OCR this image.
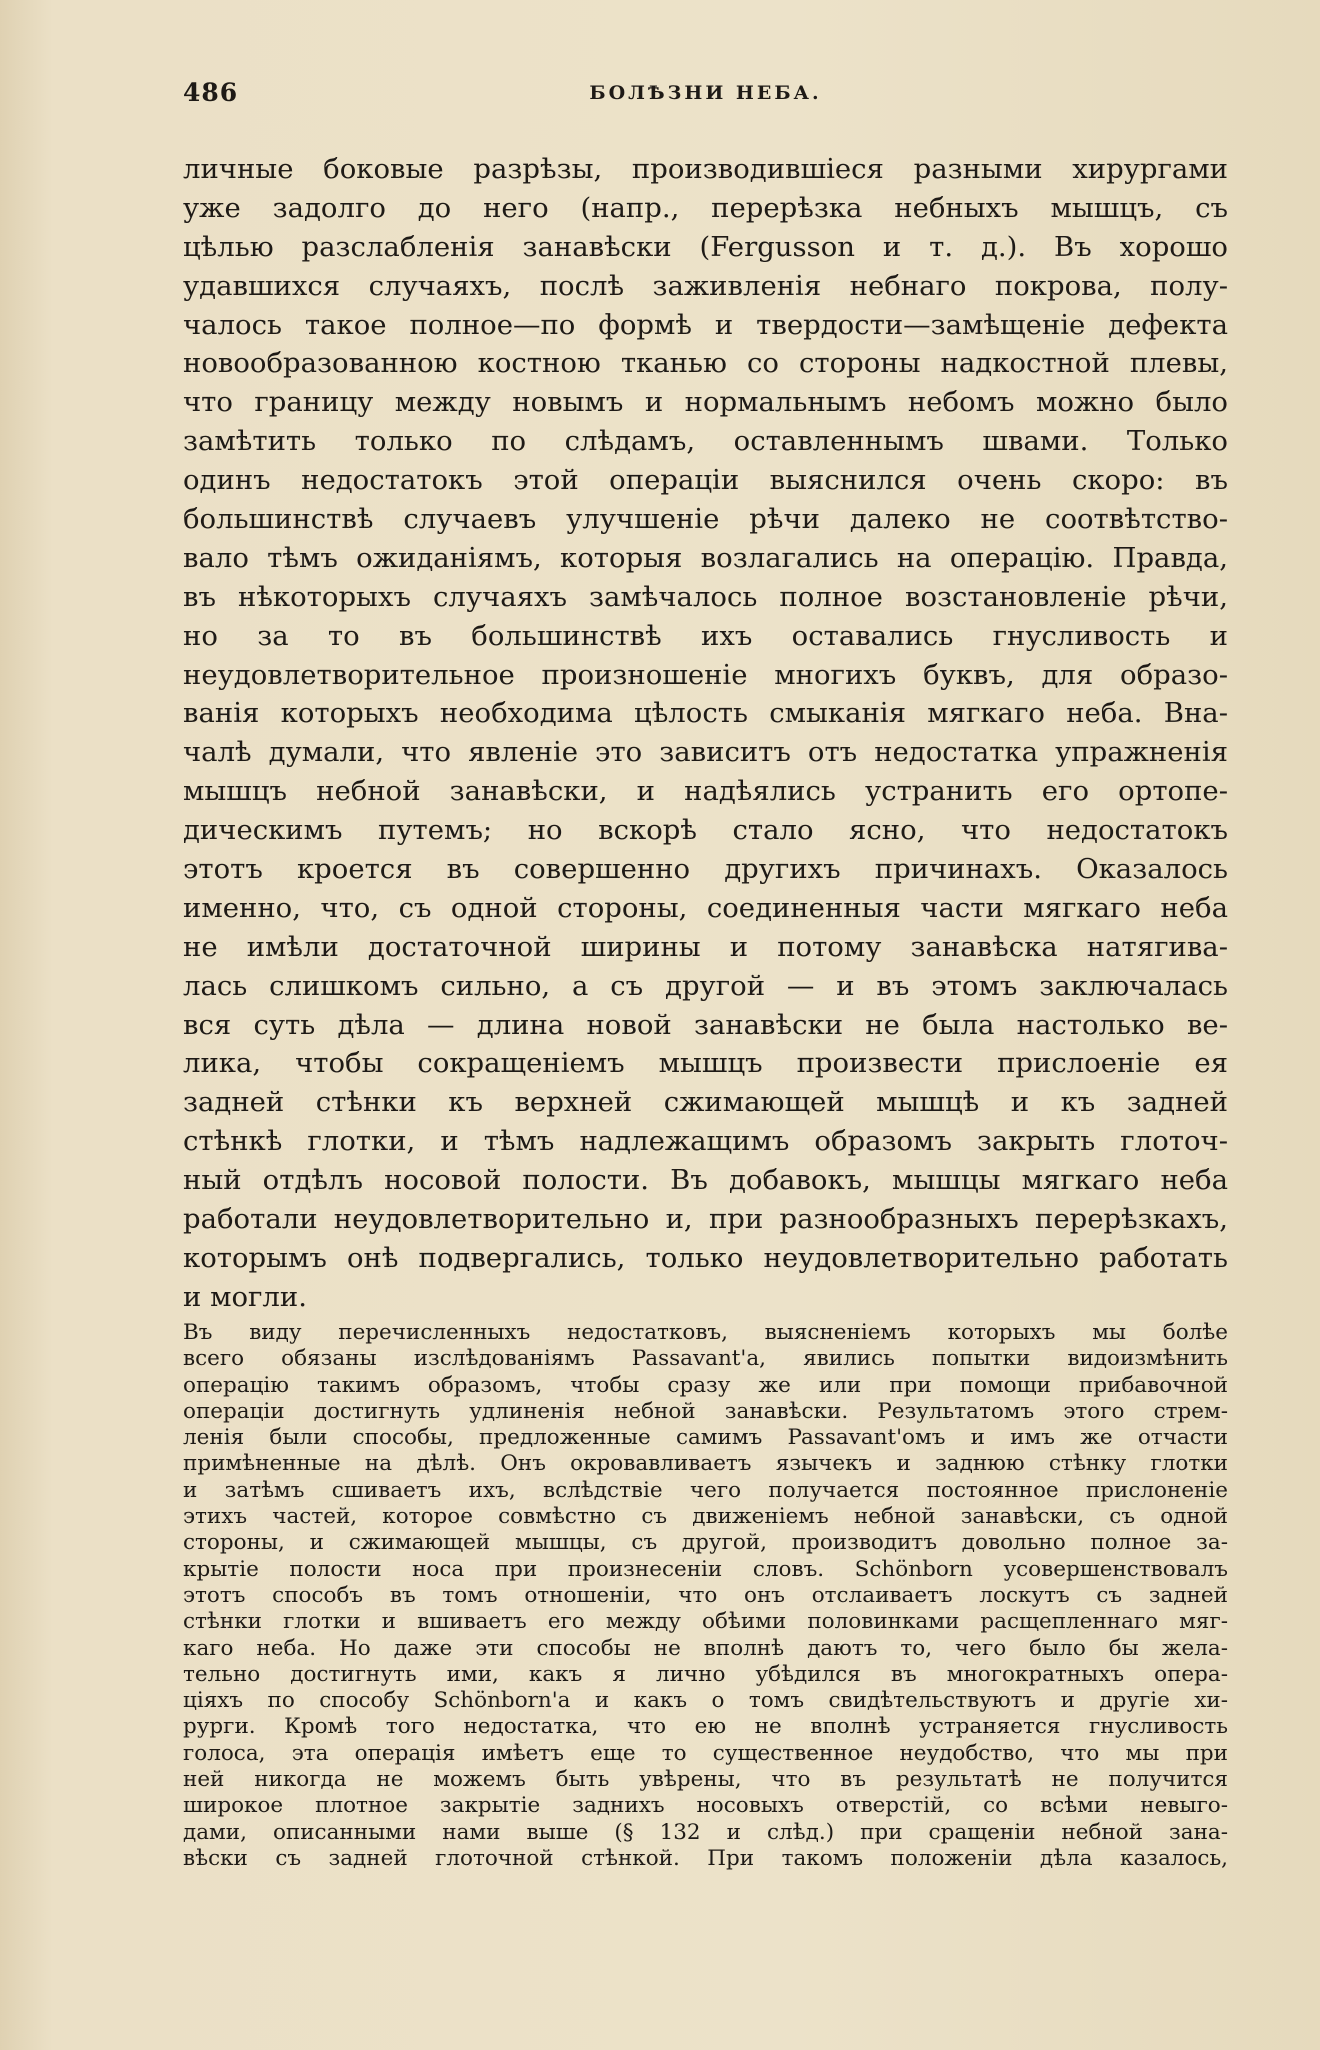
486	БОЛѢЗНИ НЕБА.
личные боковые разрѣзы, производившіеся разными хирургами
уже задолго до него (напр., перерѣзка небныхъ мышцъ, съ
цѣлью разслабленія занавѣски (Fergusson и т. д.). Въ хорошо
удавшихся случаяхъ, послѣ заживленія небнаго покрова, полу-
чалось такое полное—по формѣ и твердости—замѣщеніе дефекта
новообразованною костною тканью со стороны надкостной плевы,
что границу между новымъ и нормальнымъ небомъ можно было
замѣтить только по слѣдамъ, оставленнымъ швами. Только
одинъ недостатокъ этой операціи выяснился очень скоро: въ
большинствѣ случаевъ улучшеніе рѣчи далеко не соотвѣтство-
вало тѣмъ ожиданіямъ, которыя возлагались на операцію. Правда,
въ нѣкоторыхъ случаяхъ замѣчалось полное возстановленіе рѣчи,
но за то въ большинствѣ ихъ оставались гнусливость и
неудовлетворительное произношеніе многихъ буквъ, для образо-
ванія которыхъ необходима цѣлость смыканія мягкаго неба. Вна-
чалѣ думали, что явленіе это зависитъ отъ недостатка упражненія
мышцъ небной занавѣски, и надѣялись устранить его ортопе-
дическимъ путемъ; но вскорѣ стало ясно, что недостатокъ
этотъ кроется въ совершенно другихъ причинахъ. Оказалось
именно, что, съ одной стороны, соединенныя части мягкаго неба
не имѣли достаточной ширины и потому занавѣска натягива-
лась слишкомъ сильно, а съ другой — и въ этомъ заключалась
вся суть дѣла — длина новой занавѣски не была настолько ве-
лика, чтобы сокращеніемъ мышцъ произвести прислоеніе ея
задней стѣнки къ верхней сжимающей мышцѣ и къ задней
стѣнкѣ глотки, и тѣмъ надлежащимъ образомъ закрыть глоточ-
ный отдѣлъ носовой полости. Въ добавокъ, мышцы мягкаго неба
работали неудовлетворительно и, при разнообразныхъ перерѣзкахъ,
которымъ онѣ подвергались, только неудовлетворительно работать
и могли.
Въ виду перечисленныхъ недостатковъ, выясненіемъ которыхъ мы болѣе
всего обязаны изслѣдованіямъ Passavant'а, явились попытки видоизмѣнить
операцію такимъ образомъ, чтобы сразу же или при помощи прибавочной
операціи достигнуть удлиненія небной занавѣски. Результатомъ этого стрем-
ленія были способы, предложенные самимъ Passavant'омъ и имъ же отчасти
примѣненные на дѣлѣ. Онъ окровавливаетъ язычекъ и заднюю стѣнку глотки
и затѣмъ сшиваетъ ихъ, вслѣдствіе чего получается постоянное прислоненіе
этихъ частей, которое совмѣстно съ движеніемъ небной занавѣски, съ одной
стороны, и сжимающей мышцы, съ другой, производитъ довольно полное за-
крытіе полости носа при произнесеніи словъ. Schönborn усовершенствовалъ
этотъ способъ въ томъ отношеніи, что онъ отслаиваетъ лоскутъ съ задней
стѣнки глотки и вшиваетъ его между обѣими половинками расщепленнаго мяг-
каго неба. Но даже эти способы не вполнѣ даютъ то, чего было бы жела-
тельно достигнуть ими, какъ я лично убѣдился въ многократныхъ опера-
ціяхъ по способу Schönborn'а и какъ о томъ свидѣтельствуютъ и другіе хи-
рурги. Кромѣ того недостатка, что ею не вполнѣ устраняется гнусливость
голоса, эта операція имѣетъ еще то существенное неудобство, что мы при
ней никогда не можемъ быть увѣрены, что въ результатѣ не получится
широкое плотное закрытіе заднихъ носовыхъ отверстій, со всѣми невыго-
дами, описанными нами выше (§ 132 и слѣд.) при сращеніи небной зана-
вѣски съ задней глоточной стѣнкой. При такомъ положеніи дѣла казалось,
